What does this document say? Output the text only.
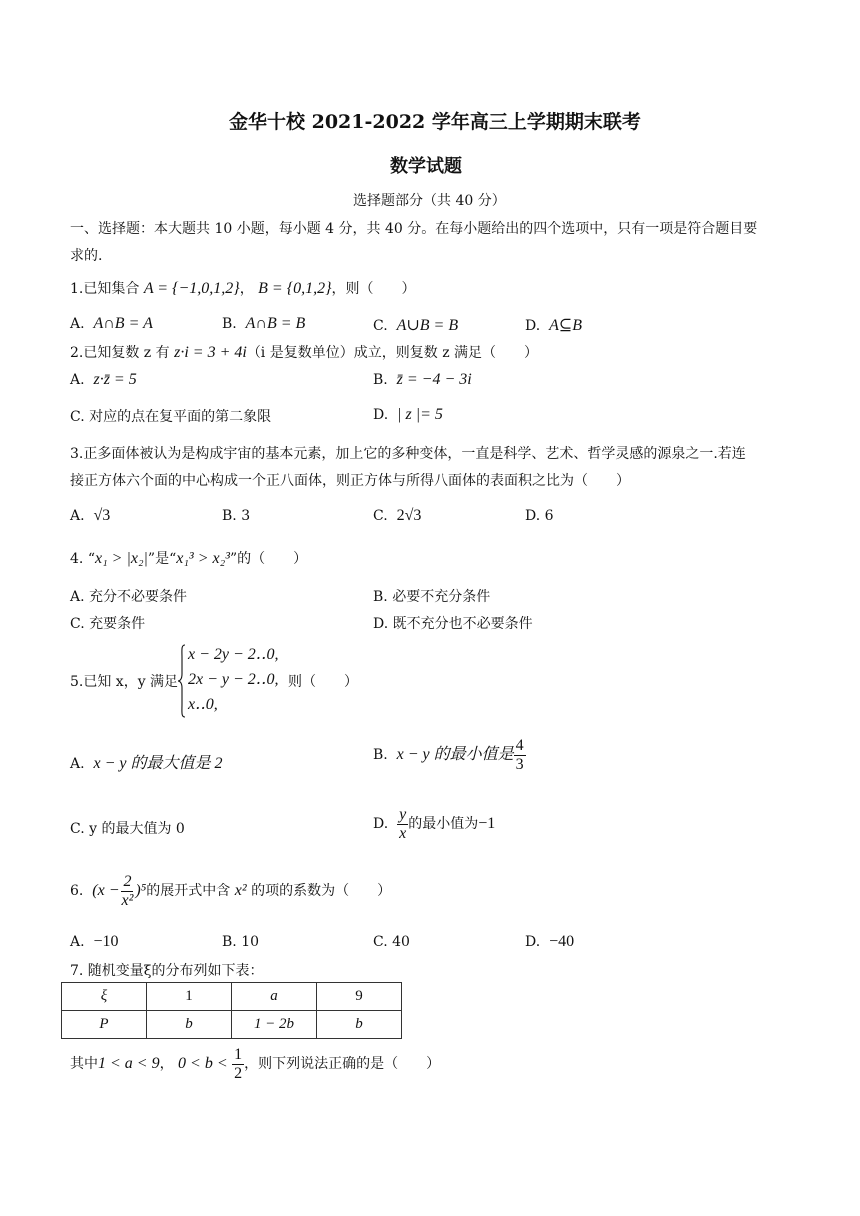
金华十校 2021-2022 学年高三上学期期末联考
数学试题
选择题部分（共 40 分）
一、选择题：本大题共 10 小题，每小题 4 分，共 40 分。在每小题给出的四个选项中，只有一项是符合题目要
求的.
1.已知集合 A = {−1,0,1,2}， B = {0,1,2}，则（　　）
A. A∩B = A	B. A∩B = B	C. A∪B = B	D. A⊆B
2.已知复数 z 有 z·i = 3 + 4i（i 是复数单位）成立，则复数 z 满足（　　）
A. z·z̄ = 5	B. z̄ = −4 − 3i
C. 对应的点在复平面的第二象限	D. | z |= 5
3.正多面体被认为是构成宇宙的基本元素，加上它的多种变体，一直是科学、艺术、哲学灵感的源泉之一.若连
接正方体六个面的中心构成一个正八面体，则正方体与所得八面体的表面积之比为（　　）
A. √3	B. 3	C. 2√3	D. 6
4. “x₁ > |x₂|”是“x₁³ > x₂³”的（　　）
A. 充分不必要条件	B. 必要不充分条件
C. 充要条件	D. 既不充分也不必要条件
5.已知 x，y 满足
x − 2y − 2‥0,
2x − y − 2‥0,
x‥0,
则（　　）
A. x − y 的最大值是 2	B. x − y 的最小值是 $\frac{4}{3}$
C. y 的最大值为 0	D. $\frac{y}{x}$ 的最小值为−1
6. $(x - \frac{2}{\text{x²}} )^5$的展开式中含 x² 的项的系数为（　　）
A. −10	B. 10	C. 40	D. −40
7. 随机变量ξ的分布列如下表：
ξ	1	a	9
P	b	1 − 2b	b
其中1 < a < 9， $0 < b < \frac{1}{2}$ ，则下列说法正确的是（　　）
